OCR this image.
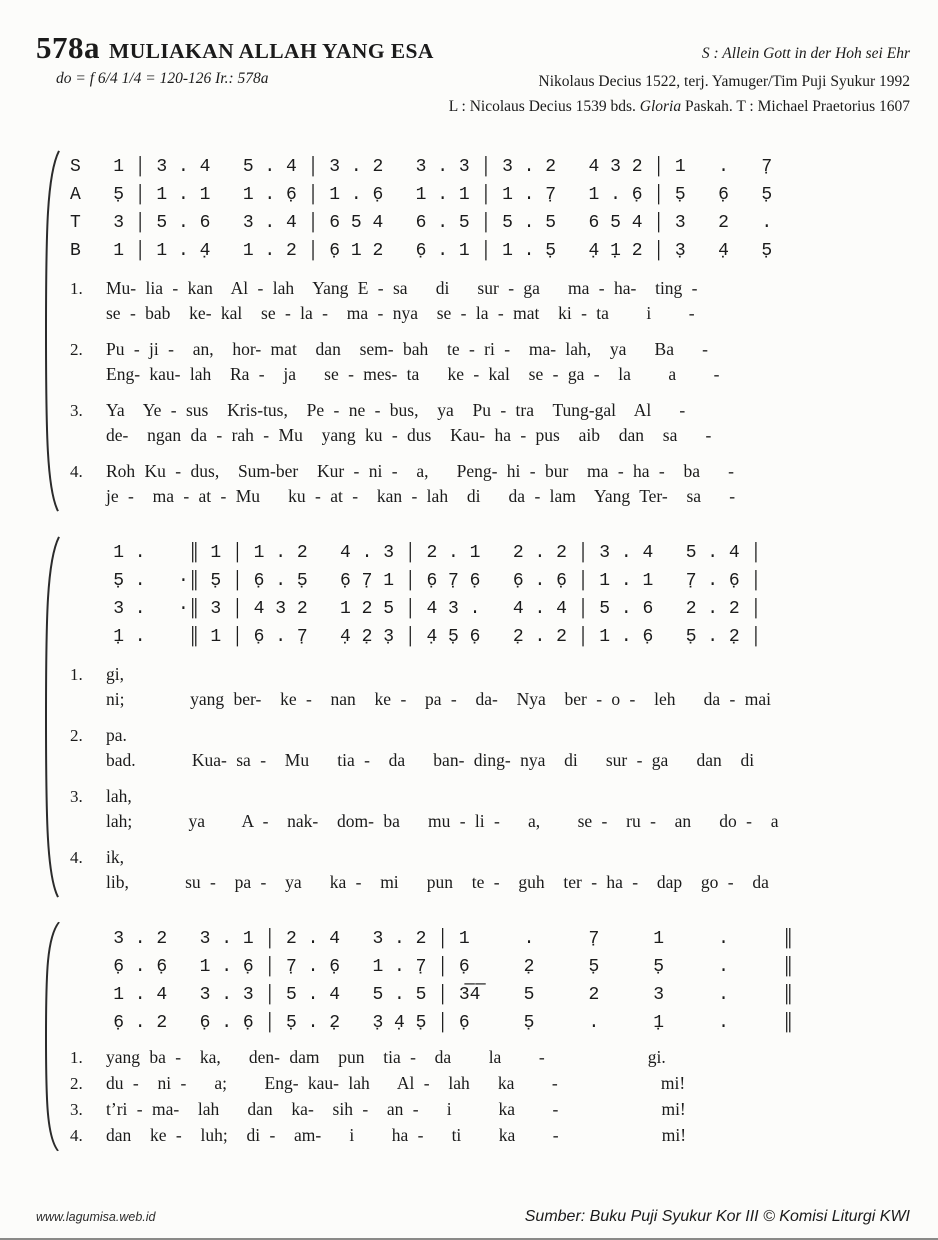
578a MULIAKAN ALLAH YANG ESA	S : Allein Gott in der Hoh sei Ehr
do = f 6/4 1/4 = 120-126 Ir.: 578a	Nikolaus Decius 1522, terj. Yamuger/Tim Puji Syukur 1992
L : Nicolaus Decius 1539 bds. Gloria Paskah. T : Michael Praetorius 1607
S   1 │ 3 . 4   5 . 4 │ 3 . 2   3 . 3 │ 3 . 2   4 3 2 │ 1   .   7̣
A   5̣ │ 1 . 1   1 . 6̣ │ 1 . 6̣   1 . 1 │ 1 . 7̣   1 . 6̣ │ 5̣   6̣   5̣
T   3 │ 5 . 6   3 . 4 │ 6 5 4   6 . 5 │ 5 . 5   6 5 4 │ 3   2   .
B   1 │ 1 . 4̣   1 . 2 │ 6̣ 1 2   6̣ . 1 │ 1 . 5̣   4̣ 1̣ 2 │ 3̣   4̣   5̣
1.	Mu- lia - kan  Al - lah  Yang E - sa   di   sur - ga   ma - ha-  ting -
se - bab  ke- kal  se - la -  ma - nya  se - la - mat  ki - ta    i    -
2.	Pu - ji -  an,  hor- mat  dan  sem- bah  te - ri -  ma- lah,  ya   Ba   -
Eng- kau- lah  Ra -  ja   se - mes- ta   ke - kal  se - ga -  la    a    -
3.	Ya  Ye - sus  Kris-tus,  Pe - ne - bus,  ya  Pu - tra  Tung-gal  Al   -
de-  ngan da - rah - Mu  yang ku - dus  Kau- ha - pus  aib  dan  sa   -
4.	Roh Ku - dus,  Sum-ber  Kur - ni -  a,   Peng- hi - bur  ma - ha -  ba   -
je -  ma - at - Mu   ku - at -  kan - lah  di   da - lam  Yang Ter-  sa   -
1 .    ║ 1 │ 1 . 2   4 . 3 │ 2 . 1   2 . 2 │ 3 . 4   5 . 4 │
5̣ .   ·║ 5̣ │ 6̣ . 5̣   6̣ 7̣ 1 │ 6̣ 7̣ 6̣   6̣ . 6̣ │ 1 . 1   7̣ . 6̣ │
3 .   ·║ 3 │ 4 3 2   1 2 5 │ 4 3 .   4 . 4 │ 5 . 6   2 . 2 │
1̣ .    ║ 1 │ 6̣ . 7̣   4̣ 2̣ 3̣ │ 4̣ 5̣ 6̣   2̣ . 2 │ 1 . 6̣   5̣ . 2̣ │
1.	gi,
ni;       yang ber-  ke -  nan  ke -  pa -  da-  Nya  ber - o -  leh   da - mai
2.	pa.
bad.      Kua- sa -  Mu   tia -  da   ban- ding- nya  di   sur - ga   dan  di
3.	lah,
lah;      ya    A -  nak-  dom- ba   mu - li -   a,    se -  ru -  an   do -  a
4.	ik,
lib,      su -  pa -  ya   ka -  mi   pun  te -  guh  ter - ha -  dap  go -  da
3 . 2   3 . 1 │ 2 . 4   3 . 2 │ 1     .     7̣     1     .     ║
6̣ . 6̣   1 . 6̣ │ 7̣ . 6̣   1 . 7̣ │ 6̣     2̣     5̣     5̣     .     ║
1 . 4   3 . 3 │ 5 . 4   5 . 5 │ 3̅4̅    5     2     3     .     ║
6̣ . 2   6̣ . 6̣ │ 5̣ . 2̣   3̣ 4̣ 5̣ │ 6̣     5̣     .     1̣     .     ║
1.	yang ba -  ka,   den- dam  pun  tia -  da    la    -           gi.
2.	du -  ni -   a;    Eng- kau- lah   Al -  lah   ka    -           mi!
3.	t’ri - ma-  lah   dan  ka-  sih -  an -   i     ka    -           mi!
4.	dan  ke -  luh;  di -  am-   i    ha -   ti    ka    -           mi!
www.lagumisa.web.id	Sumber: Buku Puji Syukur Kor III © Komisi Liturgi KWI
